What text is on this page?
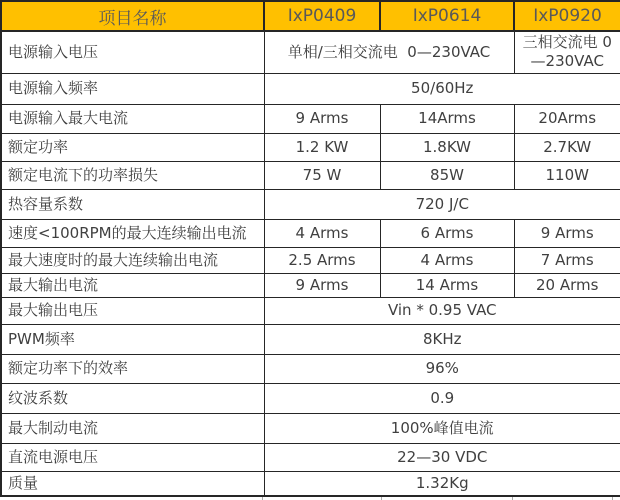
项目名称	IxP0409	IxP0614	IxP0920
电源输入电压	单相/三相交流电  0—230VAC		三相交流电 0—230VAC
电源输入频率	50/60Hz		
电源输入最大电流	9 Arms	14Arms	20Arms
额定功率	1.2 KW	1.8KW	2.7KW
额定电流下的功率损失	75 W	85W	110W
热容量系数	720 J/C		
速度<100RPM的最大连续输出电流	4 Arms	6 Arms	9 Arms
最大速度时的最大连续输出电流	2.5 Arms	4 Arms	7 Arms
最大输出电流	9 Arms	14 Arms	20 Arms
最大输出电压	Vin * 0.95 VAC		
PWM频率	8KHz		
额定功率下的效率	96%		
纹波系数	0.9		
最大制动电流	100%峰值电流		
直流电源电压	22—30 VDC		
质量	1.32Kg		
